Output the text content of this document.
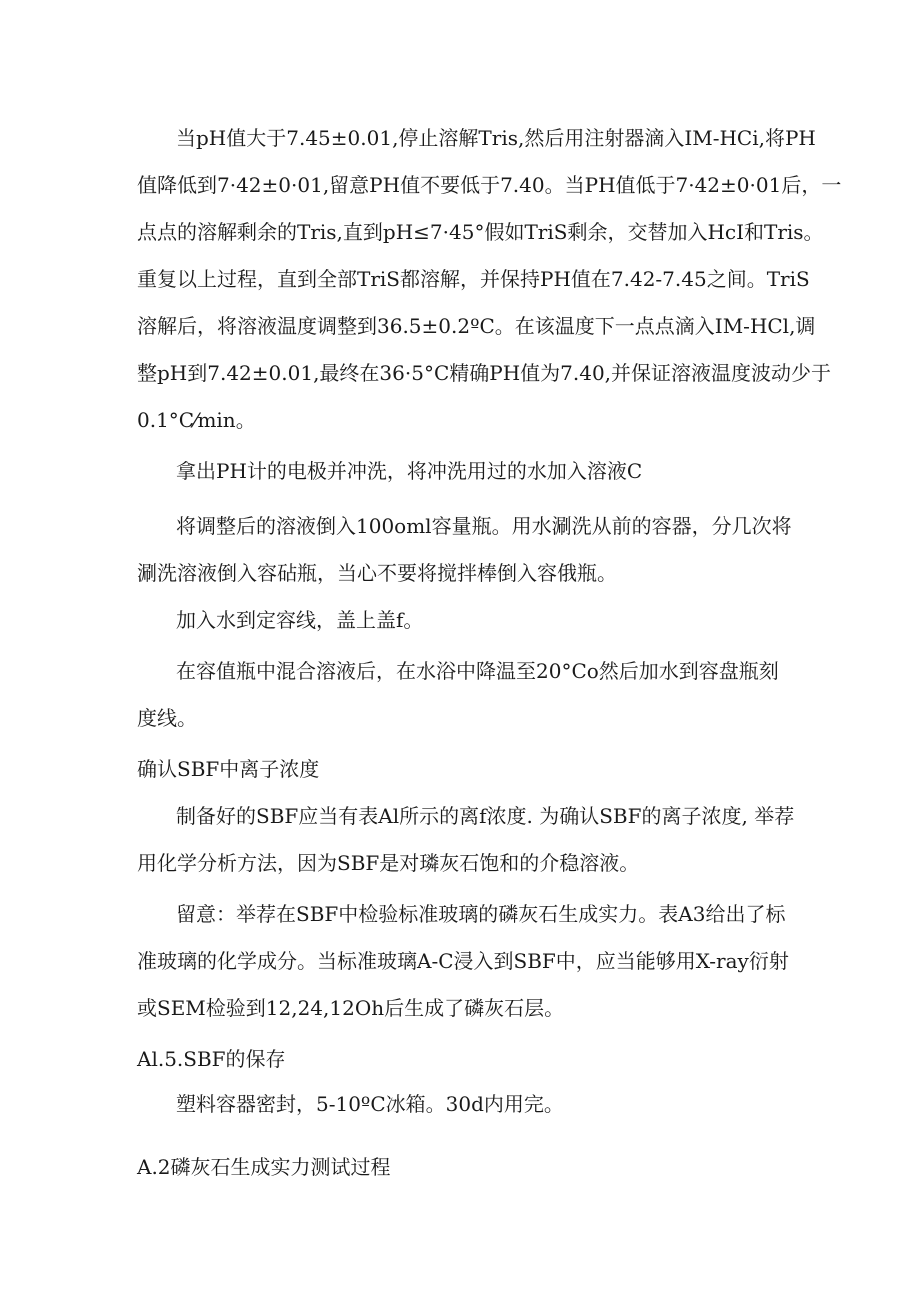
当pH值大于7.45±0.01,停止溶解Tris,然后用注射器滴入IM-HCi,将PH
值降低到7·42±0·01,留意PH值不要低于7.40。当PH值低于7·42±0·01后，一
点点的溶解剩余的Tris,直到pH≤7·45°假如TriS剩余，交替加入HcI和Tris。
重复以上过程，直到全部TriS都溶解，并保持PH值在7.42-7.45之间。TriS
溶解后，将溶液温度调整到36.5±0.2ºC。在该温度下一点点滴入IM-HCl,调
整pH到7.42±0.01,最终在36·5°C精确PH值为7.40,并保证溶液温度波动少于
0.1°C⁄min。
拿出PH计的电极并冲洗，将冲洗用过的水加入溶液C
将调整后的溶液倒入100oml容量瓶。用水涮洗从前的容器，分几次将
涮洗溶液倒入容砧瓶，当心不要将搅拌棒倒入容俄瓶。
加入水到定容线，盖上盖f。
在容值瓶中混合溶液后，在水浴中降温至20°Co然后加水到容盘瓶刻
度线。
确认SBF中离子浓度
制备好的SBF应当有表Al所示的离f浓度. 为确认SBF的离子浓度, 举荐
用化学分析方法，因为SBF是对璘灰石饱和的介稳溶液。
留意：举荐在SBF中检验标准玻璃的磷灰石生成实力。表A3给出了标
准玻璃的化学成分。当标准玻璃A-C浸入到SBF中，应当能够用X-ray衍射
或SEM检验到12,24,12Oh后生成了磷灰石层。
Al.5.SBF的保存
塑料容器密封，5-10ºC冰箱。30d内用完。
A.2磷灰石生成实力测试过程
